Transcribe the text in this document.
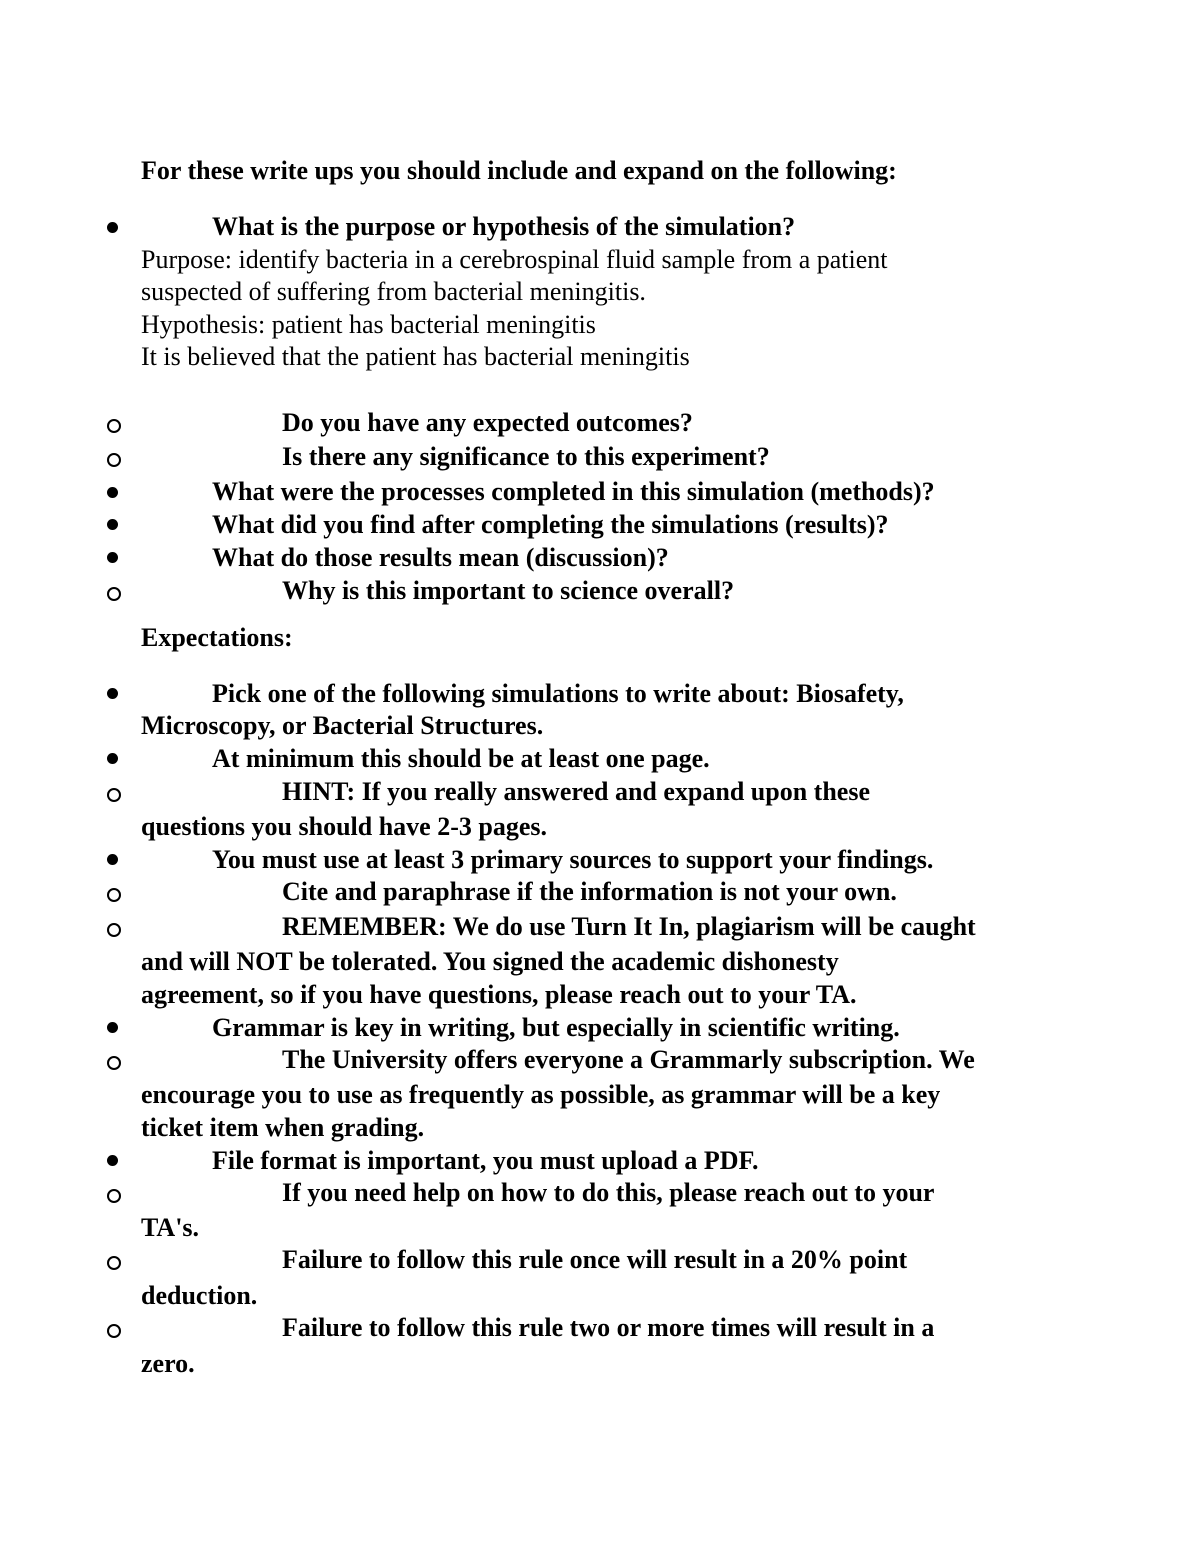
For these write ups you should include and expand on the following:
What is the purpose or hypothesis of the simulation?
Purpose: identify bacteria in a cerebrospinal fluid sample from a patient
suspected of suffering from bacterial meningitis.
Hypothesis: patient has bacterial meningitis
It is believed that the patient has bacterial meningitis
Do you have any expected outcomes?
Is there any significance to this experiment?
What were the processes completed in this simulation (methods)?
What did you find after completing the simulations (results)?
What do those results mean (discussion)?
Why is this important to science overall?
Expectations:
Pick one of the following simulations to write about: Biosafety,
Microscopy, or Bacterial Structures.
At minimum this should be at least one page.
HINT: If you really answered and expand upon these
questions you should have 2-3 pages.
You must use at least 3 primary sources to support your findings.
Cite and paraphrase if the information is not your own.
REMEMBER: We do use Turn It In, plagiarism will be caught
and will NOT be tolerated. You signed the academic dishonesty
agreement, so if you have questions, please reach out to your TA.
Grammar is key in writing, but especially in scientific writing.
The University offers everyone a Grammarly subscription. We
encourage you to use as frequently as possible, as grammar will be a key
ticket item when grading.
File format is important, you must upload a PDF.
If you need help on how to do this, please reach out to your
TA's.
Failure to follow this rule once will result in a 20% point
deduction.
Failure to follow this rule two or more times will result in a
zero.
